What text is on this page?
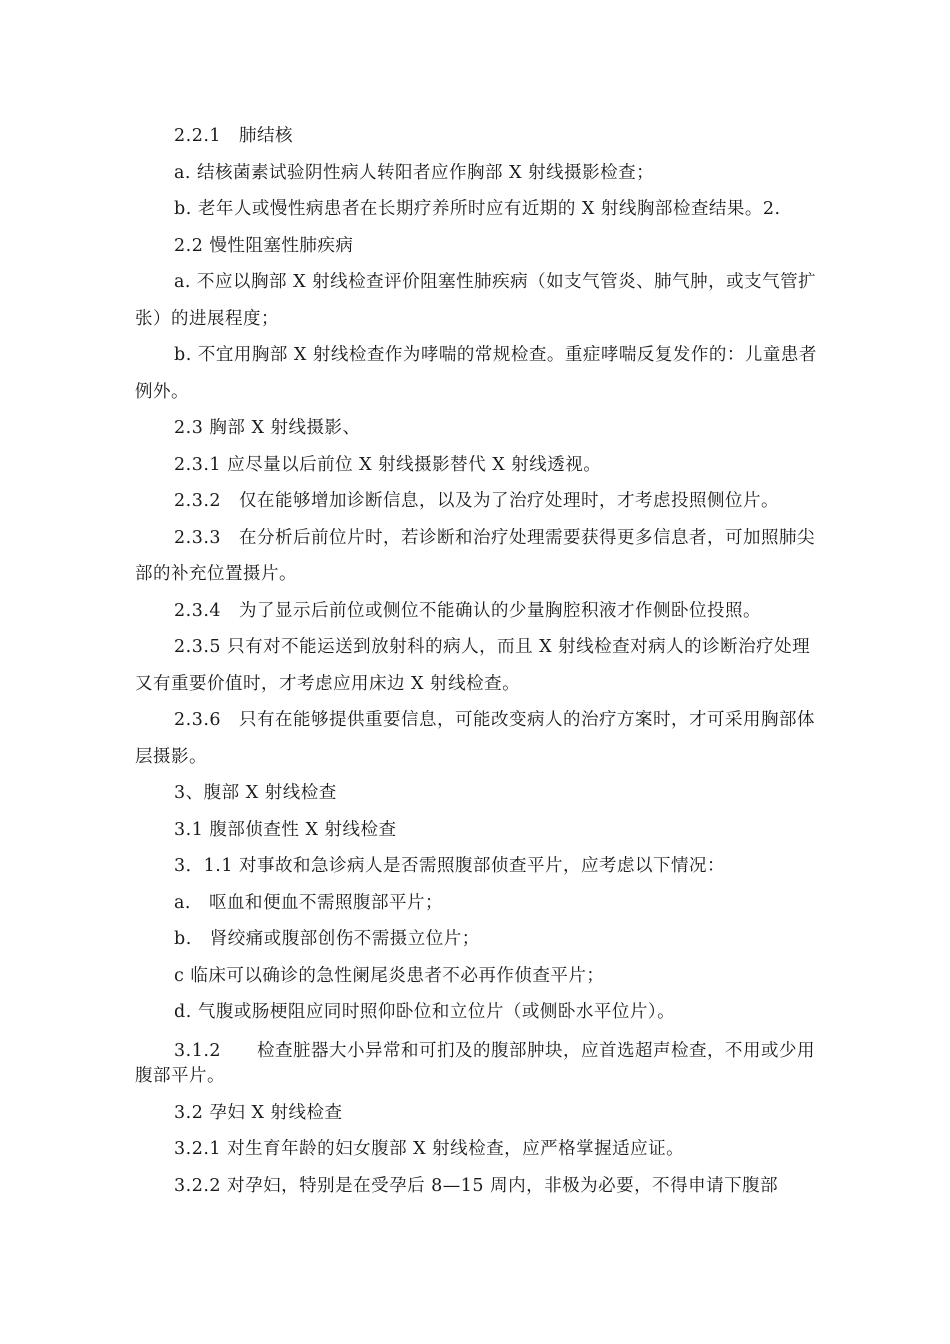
2.2.1　肺结核

a. 结核菌素试验阴性病人转阳者应作胸部 X 射线摄影检查；

b. 老年人或慢性病患者在长期疗养所时应有近期的 X 射线胸部检查结果。2.

2.2 慢性阻塞性肺疾病

a. 不应以胸部 X 射线检查评价阻塞性肺疾病（如支气管炎、肺气肿，或支气管扩张）的进展程度；

b. 不宜用胸部 X 射线检查作为哮喘的常规检查。重症哮喘反复发作的：儿童患者例外。

2.3 胸部 X 射线摄影、

2.3.1 应尽量以后前位 X 射线摄影替代 X 射线透视。

2.3.2　仅在能够增加诊断信息，以及为了治疗处理时，才考虑投照侧位片。

2.3.3　在分析后前位片时，若诊断和治疗处理需要获得更多信息者，可加照肺尖部的补充位置摄片。

2.3.4　为了显示后前位或侧位不能确认的少量胸腔积液才作侧卧位投照。

2.3.5 只有对不能运送到放射科的病人，而且 X 射线检查对病人的诊断治疗处理又有重要价值时，才考虑应用床边 X 射线检查。

2.3.6　只有在能够提供重要信息，可能改变病人的治疗方案时，才可采用胸部体层摄影。

3、腹部 X 射线检查

3.1 腹部侦查性 X 射线检查

3．1.1 对事故和急诊病人是否需照腹部侦查平片，应考虑以下情况：

a.　呕血和便血不需照腹部平片；

b.　肾绞痛或腹部创伤不需摄立位片；

c 临床可以确诊的急性阑尾炎患者不必再作侦查平片；

d. 气腹或肠梗阻应同时照仰卧位和立位片（或侧卧水平位片）。

3.1.2　　检查脏器大小异常和可扪及的腹部肿块，应首选超声检查，不用或少用腹部平片。

3.2 孕妇 X 射线检查

3.2.1 对生育年龄的妇女腹部 X 射线检查，应严格掌握适应证。

3.2.2 对孕妇，特别是在受孕后 8—15 周内，非极为必要，不得申请下腹部
